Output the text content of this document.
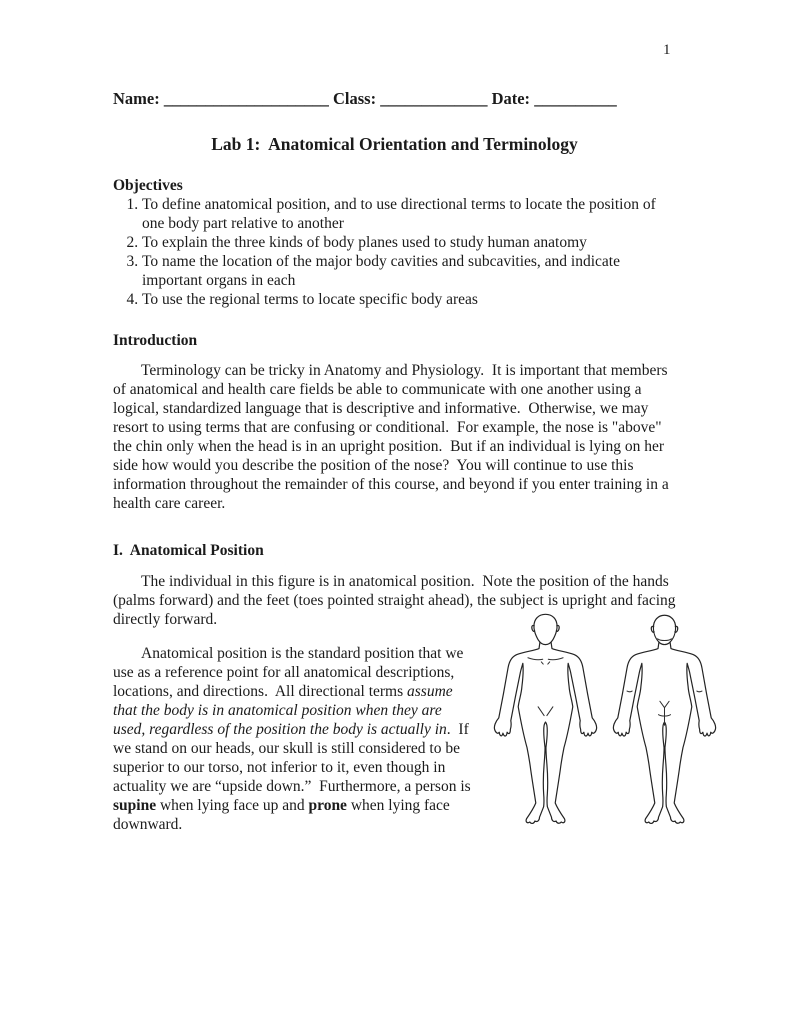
1
Name: ____________________ Class: _____________ Date: __________
Lab 1:  Anatomical Orientation and Terminology
Objectives
1. To define anatomical position, and to use directional terms to locate the position of one body part relative to another
2. To explain the three kinds of body planes used to study human anatomy
3. To name the location of the major body cavities and subcavities, and indicate important organs in each
4. To use the regional terms to locate specific body areas
Introduction
Terminology can be tricky in Anatomy and Physiology.  It is important that members of anatomical and health care fields be able to communicate with one another using a logical, standardized language that is descriptive and informative.  Otherwise, we may resort to using terms that are confusing or conditional.  For example, the nose is "above" the chin only when the head is in an upright position.  But if an individual is lying on her side how would you describe the position of the nose?  You will continue to use this information throughout the remainder of this course, and beyond if you enter training in a health care career.
I.  Anatomical Position
The individual in this figure is in anatomical position.  Note the position of the hands (palms forward) and the feet (toes pointed straight ahead), the subject is upright and facing directly forward.
Anatomical position is the standard position that we use as a reference point for all anatomical descriptions, locations, and directions.  All directional terms assume that the body is in anatomical position when they are used, regardless of the position the body is actually in.  If we stand on our heads, our skull is still considered to be superior to our torso, not inferior to it, even though in actuality we are “upside down.”  Furthermore, a person is supine when lying face up and prone when lying face downward.
